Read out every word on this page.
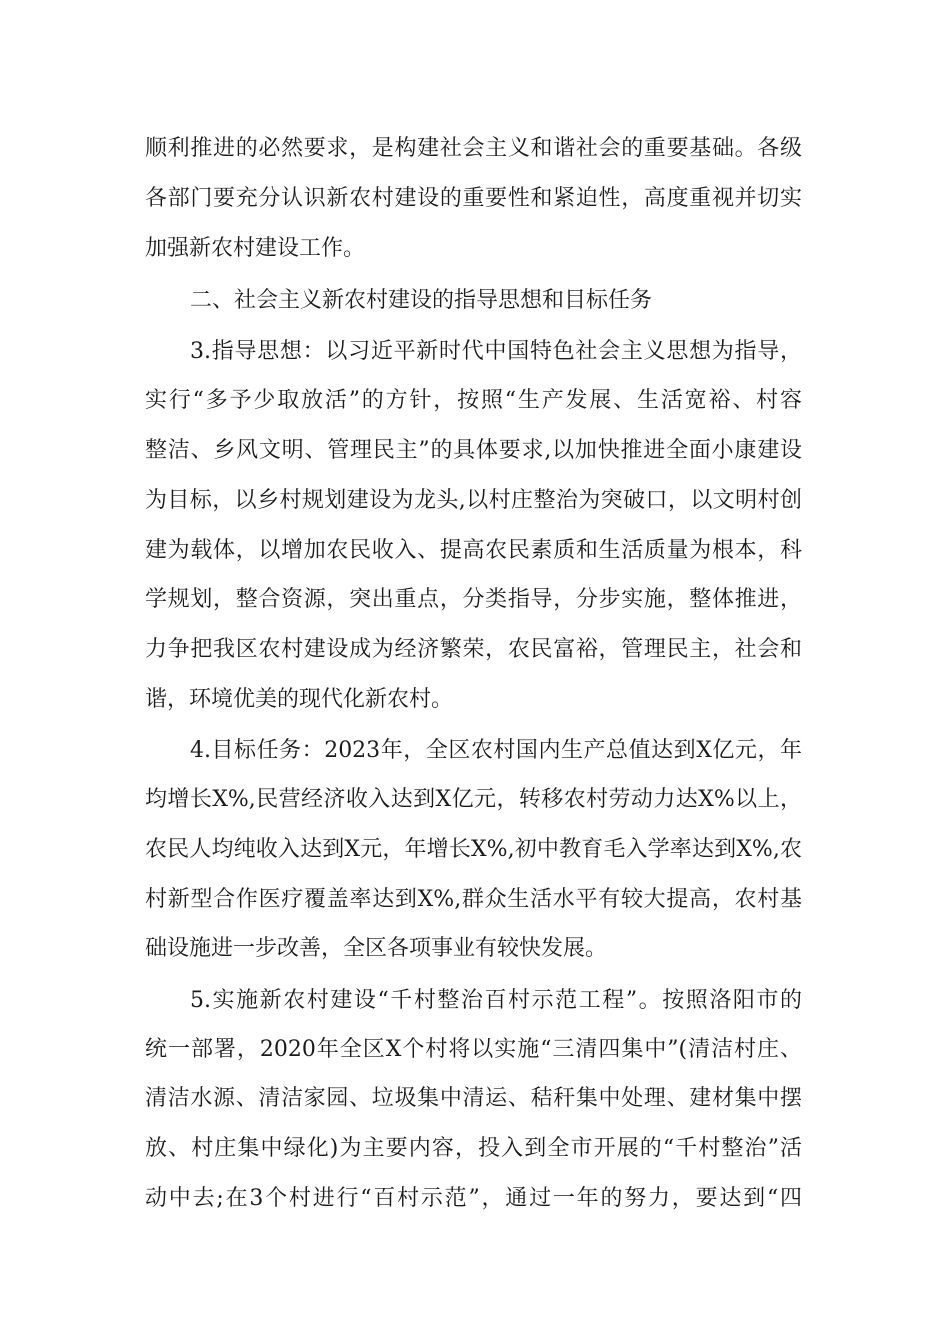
顺利推进的必然要求，是构建社会主义和谐社会的重要基础。各级

各部门要充分认识新农村建设的重要性和紧迫性，高度重视并切实

加强新农村建设工作。

二、社会主义新农村建设的指导思想和目标任务

3.指导思想：以习近平新时代中国特色社会主义思想为指导，

实行“多予少取放活”的方针，按照“生产发展、生活宽裕、村容

整洁、乡风文明、管理民主”的具体要求,以加快推进全面小康建设

为目标，以乡村规划建设为龙头,以村庄整治为突破口，以文明村创

建为载体，以增加农民收入、提高农民素质和生活质量为根本，科

学规划，整合资源，突出重点，分类指导，分步实施，整体推进，

力争把我区农村建设成为经济繁荣，农民富裕，管理民主，社会和

谐，环境优美的现代化新农村。

4.目标任务：2023年，全区农村国内生产总值达到X亿元，年

均增长X%,民营经济收入达到X亿元，转移农村劳动力达X%以上，

农民人均纯收入达到X元，年增长X%,初中教育毛入学率达到X%,农

村新型合作医疗覆盖率达到X%,群众生活水平有较大提高，农村基

础设施进一步改善，全区各项事业有较快发展。

5.实施新农村建设“千村整治百村示范工程”。按照洛阳市的

统一部署，2020年全区X个村将以实施“三清四集中”(清洁村庄、

清洁水源、清洁家园、垃圾集中清运、秸秆集中处理、建材集中摆

放、村庄集中绿化)为主要内容，投入到全市开展的“千村整治”活

动中去;在3个村进行“百村示范”，通过一年的努力，要达到“四
